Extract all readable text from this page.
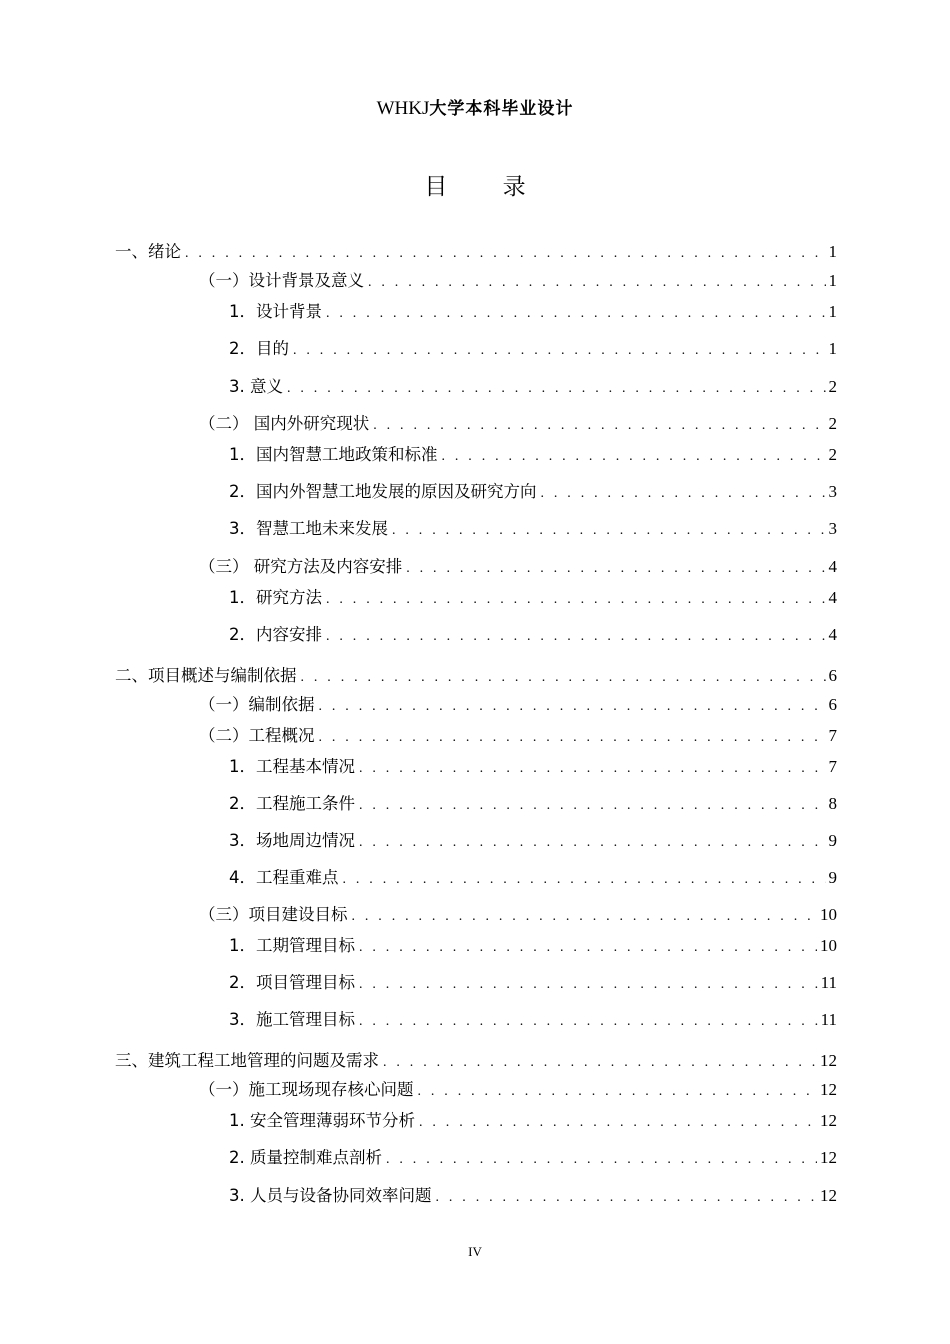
WHKJ大学本科毕业设计
目 录
一、绪论 . . .	1
（一）设计背景及意义 . . .	1
1．设计背景 . . .	1
2．目的 . . .	1
3. 意义 . . .	2
（二） 国内外研究现状 . . .	2
1．国内智慧工地政策和标准 . . .	2
2．国内外智慧工地发展的原因及研究方向 . . .	3
3．智慧工地未来发展 . . .	3
（三） 研究方法及内容安排 . . .	4
1．研究方法 . . .	4
2．内容安排 . . .	4
二、项目概述与编制依据 . . .	6
（一）编制依据 . . .	6
（二）工程概况 . . .	7
1．工程基本情况 . . .	7
2．工程施工条件 . . .	8
3．场地周边情况 . . .	9
4．工程重难点 . . .	9
（三）项目建设目标 . . .	10
1．工期管理目标 . . .	10
2．项目管理目标 . . .	11
3．施工管理目标 . . .	11
三、建筑工程工地管理的问题及需求 . . .	12
（一）施工现场现存核心问题 . . .	12
1. 安全管理薄弱环节分析 . . .	12
2. 质量控制难点剖析 . . .	12
3. 人员与设备协同效率问题 . . .	12
IV
